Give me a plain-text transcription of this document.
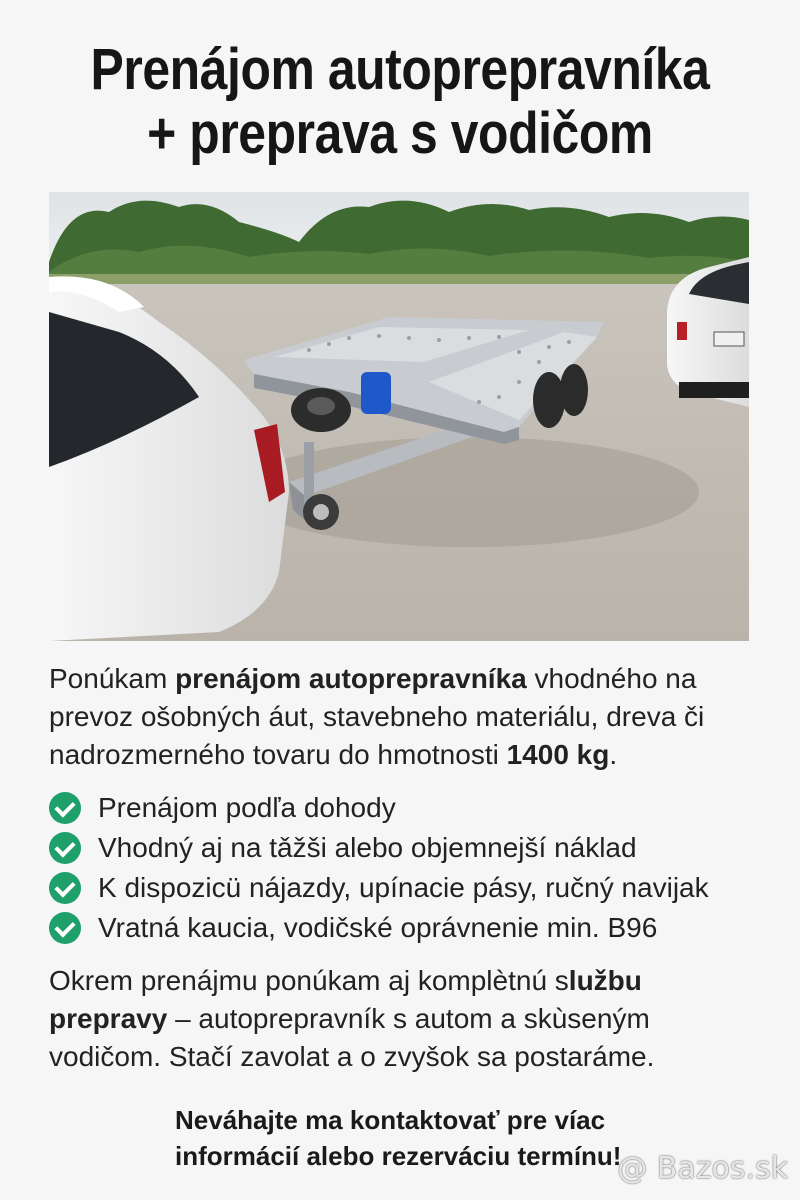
Prenájom autoprepravníka
+ preprava s vodičom

Ponúkam prenájom autoprepravníka vhodného na prevoz ošobných áut, stavebneho materiálu, dreva či nadrozmerného tovaru do hmotnosti 1400 kg.

Prenájom podľa dohody
Vhodný aj na tǎžši alebo objemnejší náklad
K dispozicü nájazdy, upínacie pásy, ručný navijak
Vratná kaucia, vodičské oprávnenie min. B96

Okrem prenájmu ponúkam aj komplètnú službu prepravy – autoprepravník s autom a skùseným vodičom. Stačí zavolat a o zvyšok sa postaráme.

Neváhajte ma kontaktovať pre víac
informácií alebo rezerváciu termínu!

@ Bazos.sk
